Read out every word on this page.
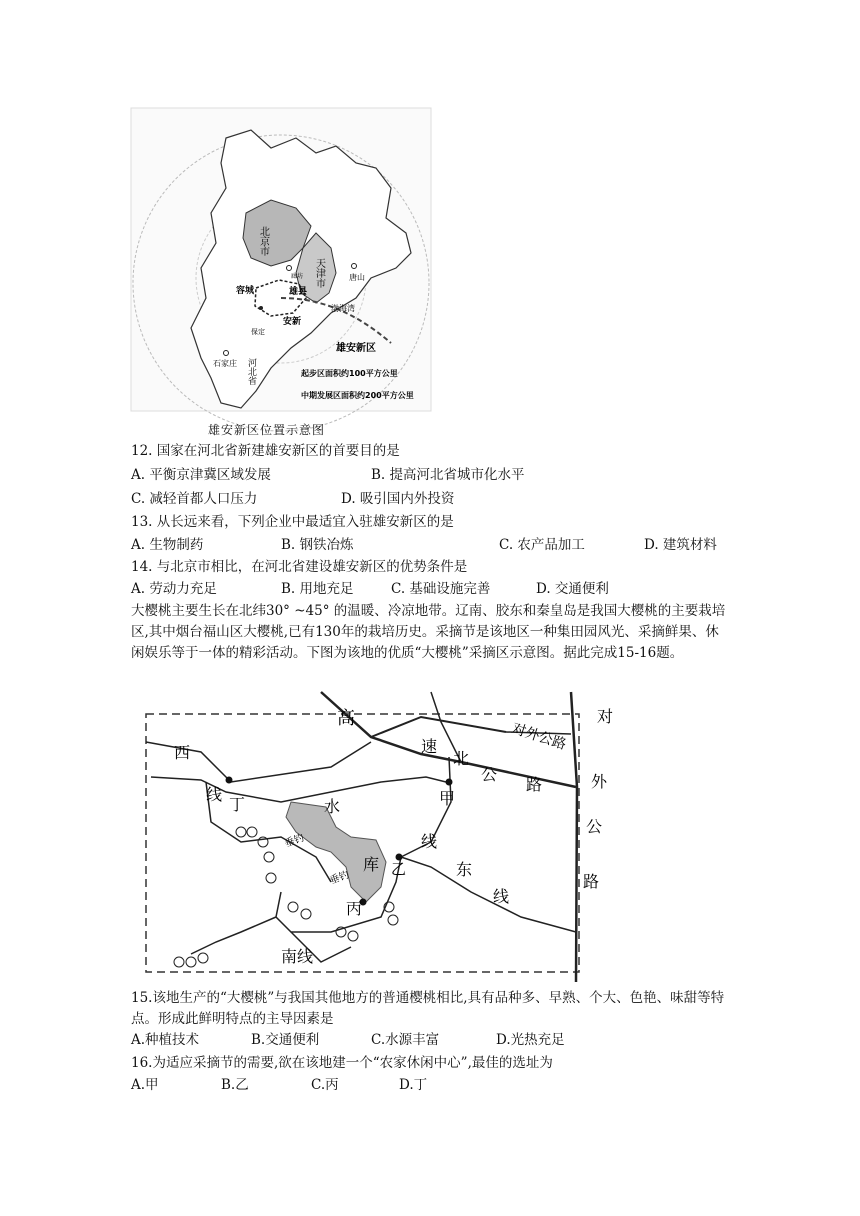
北京市
天津市	唐山
渤海湾
容城	雄县
安新
保定
廊坊
石家庄 河北省
雄安新区
起步区面积约100平方公里
中期发展区面积约200平方公里
雄安新区位置示意图
12. 国家在河北省新建雄安新区的首要目的是
A. 平衡京津冀区域发展	B. 提高河北省城市化水平
C. 减轻首都人口压力	D. 吸引国内外投资
13. 从长远来看，下列企业中最适宜入驻雄安新区的是
A. 生物制药	B. 钢铁冶炼	C. 农产品加工	D. 建筑材料
14. 与北京市相比，在河北省建设雄安新区的优势条件是
A. 劳动力充足	B. 用地充足	C. 基础设施完善	D. 交通便利
大樱桃主要生长在北纬30° ~45° 的温暖、冷凉地带。辽南、胶东和秦皇岛是我国大樱桃的主要栽培区,其中烟台福山区大樱桃,已有130年的栽培历史。采摘节是该地区一种集田园风光、采摘鲜果、休闲娱乐等于一体的精彩活动。下图为该地的优质“大樱桃”采摘区示意图。据此完成15-16题。
高
速
北
公
路
对外公路
对
外
公
路
西
线
丁	甲
水
库 乙
丙
线
东
线
南线
垂钓
垂钓
15.该地生产的“大樱桃”与我国其他地方的普通樱桃相比,具有品种多、早熟、个大、色艳、味甜等特点。形成此鲜明特点的主导因素是
A.种植技术	B.交通便利	C.水源丰富	D.光热充足
16.为适应采摘节的需要,欲在该地建一个“农家休闲中心”,最佳的选址为
A.甲	B.乙	C.丙	D.丁
